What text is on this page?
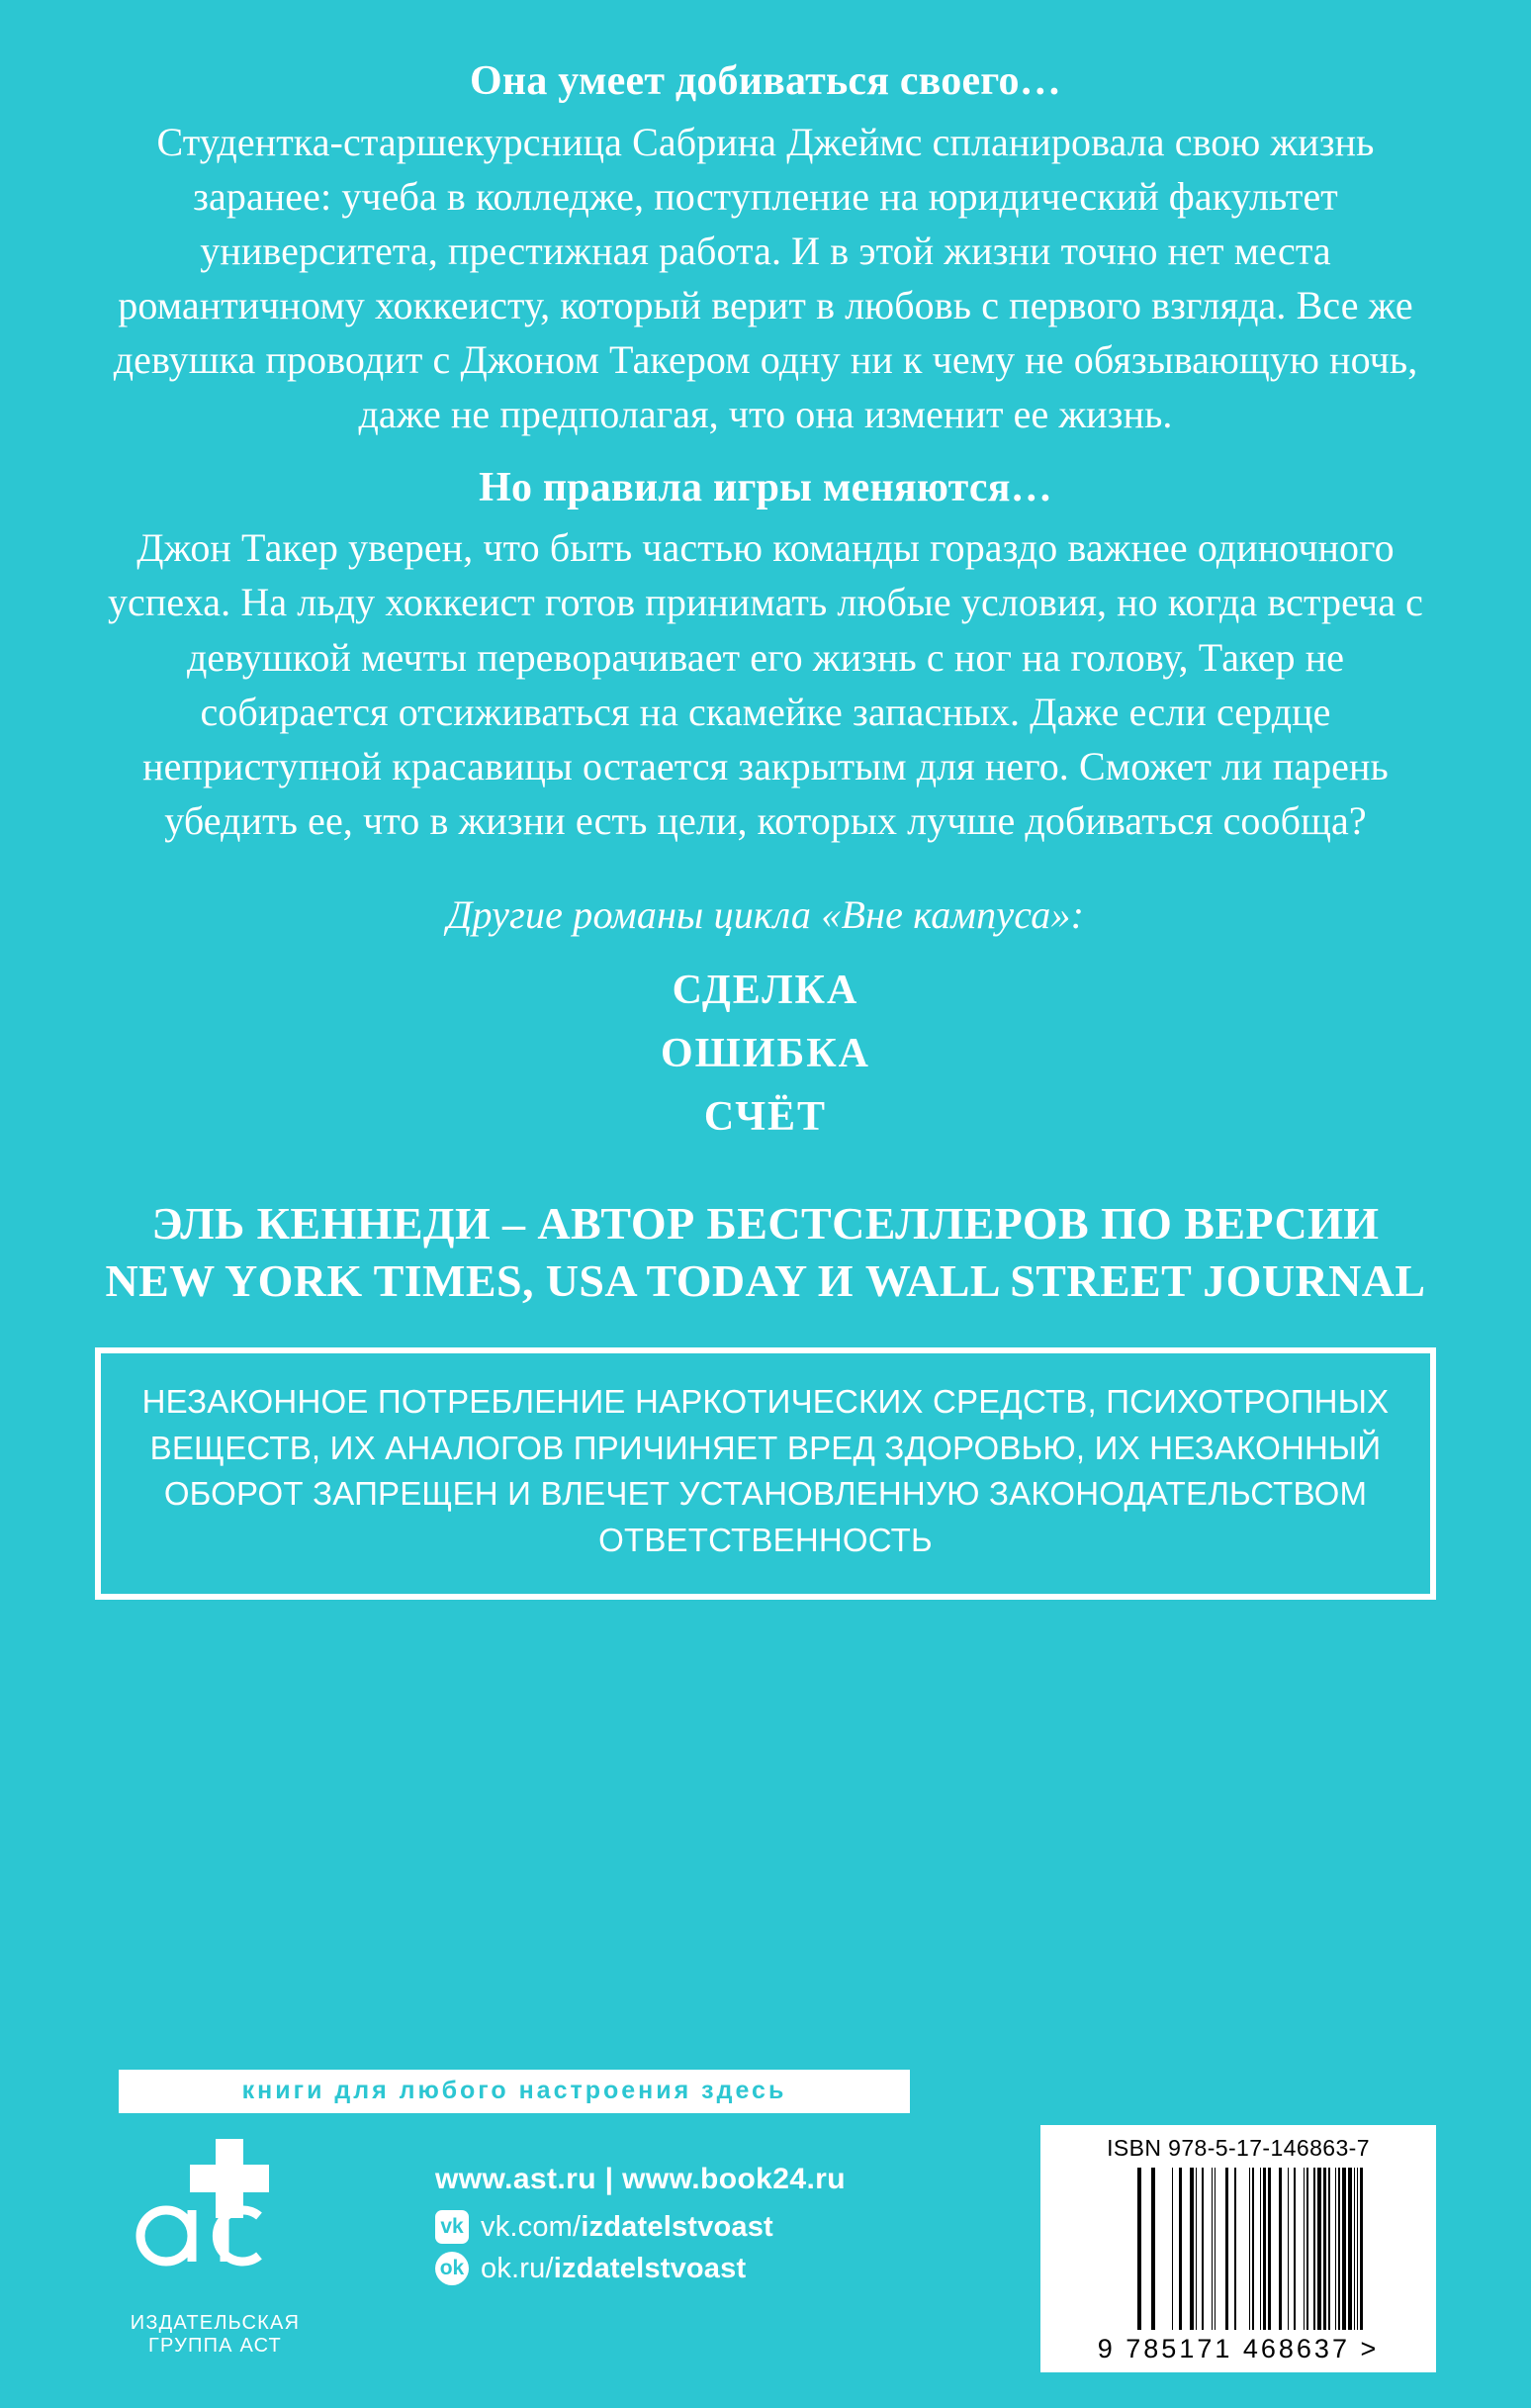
Она умеет добиваться своего…

Студентка-старшекурсница Сабрина Джеймс спланировала свою жизнь заранее: учеба в колледже, поступление на юридический факультет университета, престижная работа. И в этой жизни точно нет места романтичному хоккеисту, который верит в любовь с первого взгляда. Все же девушка проводит с Джоном Такером одну ни к чему не обязывающую ночь, даже не предполагая, что она изменит ее жизнь.

Но правила игры меняются…

Джон Такер уверен, что быть частью команды гораздо важнее одиночного успеха. На льду хоккеист готов принимать любые условия, но когда встреча с девушкой мечты переворачивает его жизнь с ног на голову, Такер не собирается отсиживаться на скамейке запасных. Даже если сердце неприступной красавицы остается закрытым для него. Сможет ли парень убедить ее, что в жизни есть цели, которых лучше добиваться сообща?

Другие романы цикла «Вне кампуса»:

СДЕЛКА
ОШИБКА
СЧЁТ

ЭЛЬ КЕННЕДИ – АВТОР БЕСТСЕЛЛЕРОВ ПО ВЕРСИИ NEW YORK TIMES, USA TODAY И WALL STREET JOURNAL

НЕЗАКОННОЕ ПОТРЕБЛЕНИЕ НАРКОТИЧЕСКИХ СРЕДСТВ, ПСИХОТРОПНЫХ ВЕЩЕСТВ, ИХ АНАЛОГОВ ПРИЧИНЯЕТ ВРЕД ЗДОРОВЬЮ, ИХ НЕЗАКОННЫЙ ОБОРОТ ЗАПРЕЩЕН И ВЛЕЧЕТ УСТАНОВЛЕННУЮ ЗАКОНОДАТЕЛЬСТВОМ ОТВЕТСТВЕННОСТЬ
книги для любого настроения здесь
ИЗДАТЕЛЬСКАЯ ГРУППА АСТ
www.ast.ru | www.book24.ru
vk vk.com/izdatelstvoast
ok ok.ru/izdatelstvoast
ISBN 978-5-17-146863-7
9 785171 468637 >
